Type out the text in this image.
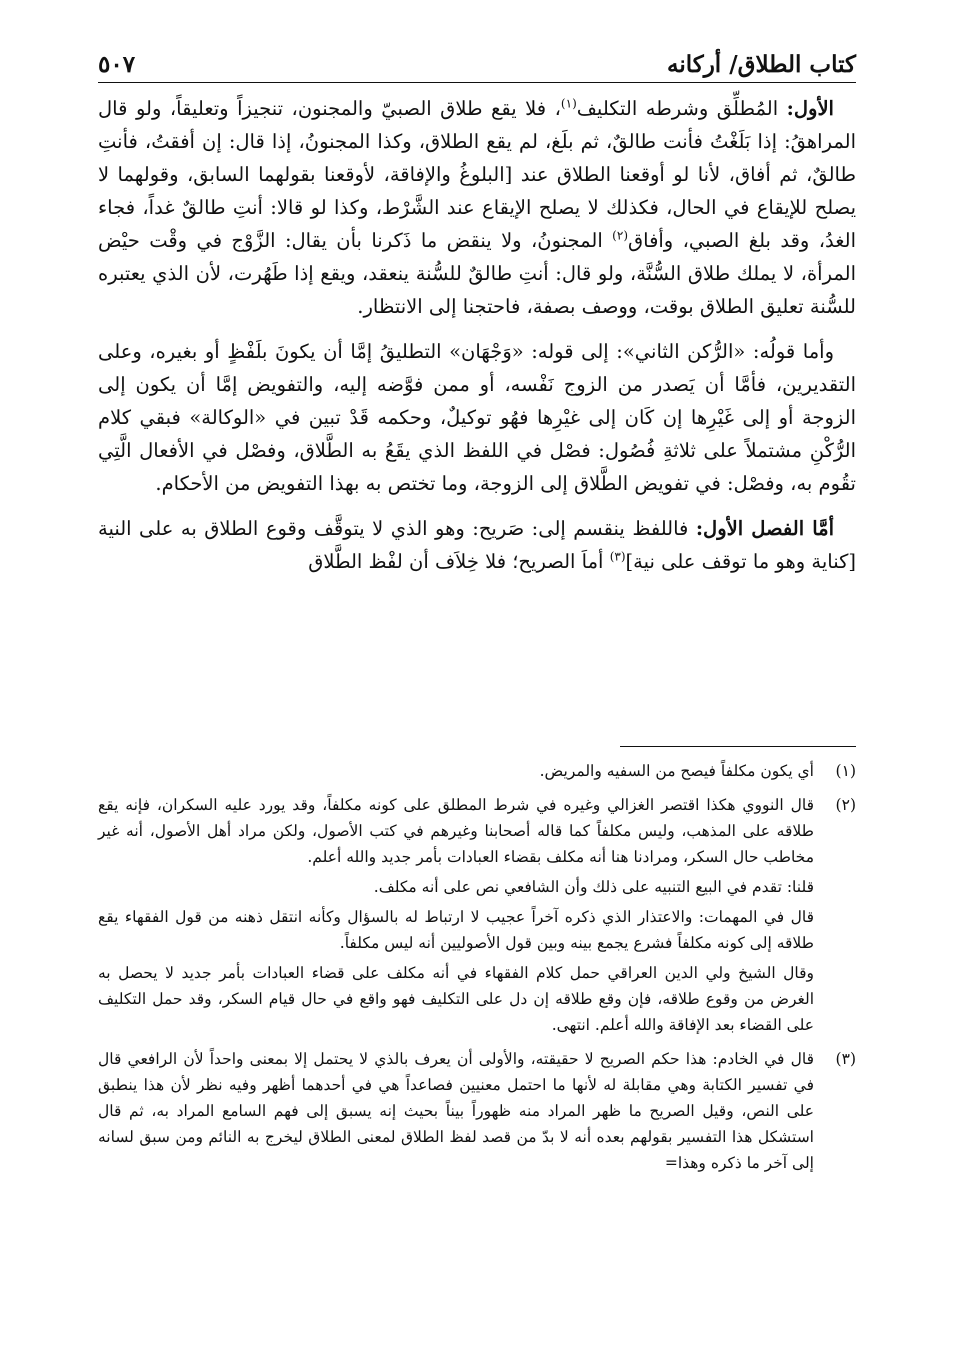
كتاب الطلاق/ أركانه
٥٠٧

الأول: المُطلِّق وشرطه التكليف$^{(١)}$، فلا يقع طلاق الصبيّ والمجنون، تنجيزاً وتعليقاً، ولو قال المراهقُ: إذا بَلَغْتُ فأنت طالقٌ، ثم بلَغ، لم يقع الطلاق، وكذا المجنونُ، إذا قال: إن أفقتُ، فأنتِ طالقٌ، ثم أفاق، لأنا لو أوقعنا الطلاق عند [البلوغُ والإفاقة، لأوقعنا بقولهما السابق، وقولهما لا يصلح للإيقاع في الحال، فكذلك لا يصلح الإيقاع عند الشَّرْط، وكذا لو قالا: أنتِ طالقٌ غداً، فجاء الغدُ، وقد بلغ الصبي، وأفاق$^{(٢)}$ المجنونُ، ولا ينقض ما ذَكرنا بأن يقال: الزَّوْج في وقْت حيْض المرأة، لا يملك طلاق السُّنَّة، ولو قال: أنتِ طالقٌ للسُّنة ينعقد، ويقع إذا طَهُرت، لأن الذي يعتبره للسُّنة تعليق الطلاق بوقت، ووصف بصفة، فاحتجنا إلى الانتظار.

وأما قولُه: «الرُّكن الثاني»: إلى قوله: «وَجْهَان» التطليقُ إمَّا أن يكونَ بلَفْظٍ أو بغيره، وعلى التقديرين، فأمَّا أن يَصدر من الزوج نَفْسه، أو ممن فوَّضه إليه، والتفويض إمَّا أن يكون إلى الزوجة أو إلى غَيْرِها إن كَان إلى غيْرِها فهُو توكيلٌ، وحكمه قَدْ تبين في «الوكالة» فبقي كلام الرُّكْنِ مشتملاً على ثلاثةِ فُصُول: فصْل في اللفظ الذي يقَعُ به الطَّلاق، وفصْل في الأفعال الَّتِي تقُوم به، وفصْل: في تفويض الطَّلاق إلى الزوجة، وما تختص به بهذا التفويض من الأحكام.

أمَّا الفصل الأول: فاللفظ ينقسم إلى: صَريح: وهو الذي لا يتوقَّف وقوع الطلاق به على النية [كناية وهو ما توقف على نية]$^{(٣)}$ أماَ الصريح؛ فلا خِلاَف أن لفْظ الطَّلاق

(١)

أي يكون مكلفاً فيصح من السفيه والمريض.

(٢)

قال النووي هكذا اقتصر الغزالي وغيره في شرط المطلق على كونه مكلفاً، وقد يورد عليه السكران، فإنه يقع طلاقه على المذهب، وليس مكلفاً كما قاله أصحابنا وغيرهم في كتب الأصول، ولكن مراد أهل الأصول، أنه غير مخاطب حال السكر، ومرادنا هنا أنه مكلف بقضاء العبادات بأمر جديد والله أعلم.

قلنا: تقدم في البيع التنبيه على ذلك وأن الشافعي نص على أنه مكلف.

قال في المهمات: والاعتذار الذي ذكره آخراً عجيب لا ارتباط له بالسؤال وكأنه انتقل ذهنه من قول الفقهاء يقع طلاقه إلى كونه مكلفاً فشرع يجمع بينه وبين قول الأصوليين أنه ليس مكلفاً.

وقال الشيخ ولي الدين العراقي حمل كلام الفقهاء في أنه مكلف على قضاء العبادات بأمر جديد لا يحصل به الغرض من وقوع طلاقه، فإن وقع طلاقه إن دل على التكليف فهو واقع في حال قيام السكر، وقد حمل التكليف على القضاء بعد الإفاقة والله أعلم. انتهى.

(٣)

قال في الخادم: هذا حكم الصريح لا حقيقته، والأولى أن يعرف بالذي لا يحتمل إلا بمعنى واحداً لأن الرافعي قال في تفسير الكتابة وهي مقابلة له لأنها ما احتمل معنيين فصاعداً هي في أحدهما أظهر وفيه نظر لأن هذا ينطبق على النص، وقيل الصريح ما ظهر المراد منه ظهوراً بيناً بحيث إنه يسبق إلى فهم السامع المراد به، ثم قال استشكل هذا التفسير بقولهم بعده أنه لا بدّ من قصد لفظ الطلاق لمعنى الطلاق ليخرج به النائم ومن سبق لسانه إلى آخر ما ذكره وهذا=
